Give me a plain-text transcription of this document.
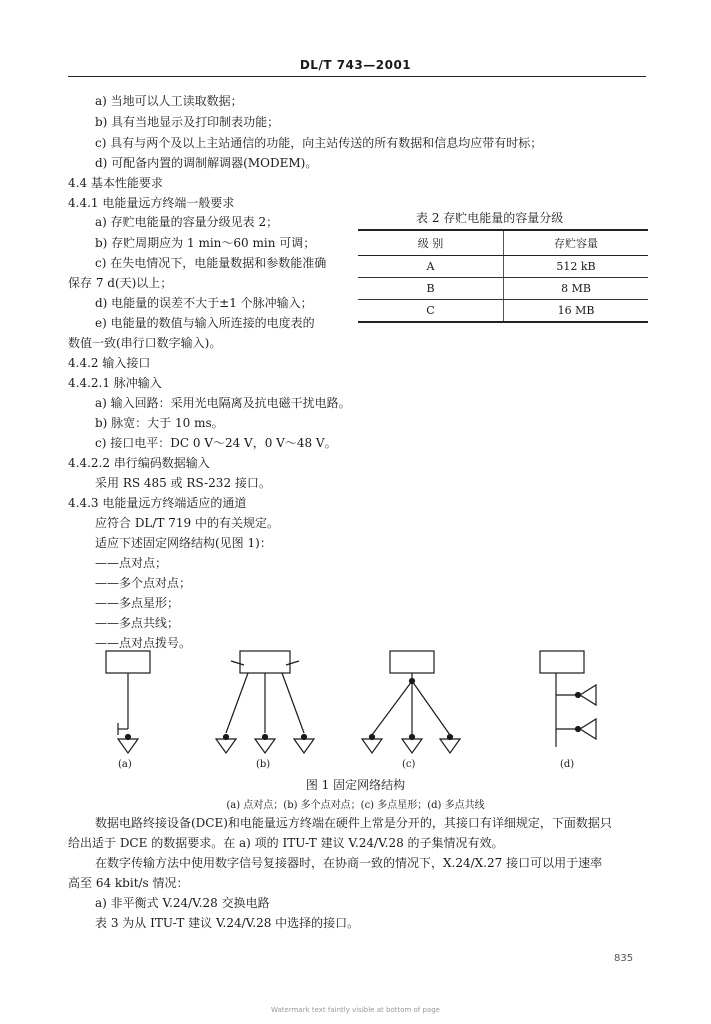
DL/T 743—2001
a) 当地可以人工读取数据；
b) 具有当地显示及打印制表功能；
c) 具有与两个及以上主站通信的功能，向主站传送的所有数据和信息均应带有时标；
d) 可配备内置的调制解调器(MODEM)。
4.4 基本性能要求
4.4.1 电能量远方终端一般要求
a) 存贮电能量的容量分级见表 2；
b) 存贮周期应为 1 min～60 min 可调；
c) 在失电情况下，电能量数据和参数能准确
保存 7 d(天)以上；
d) 电能量的误差不大于±1 个脉冲输入；
e) 电能量的数值与输入所连接的电度表的
数值一致(串行口数字输入)。
4.4.2 输入接口
4.4.2.1 脉冲输入
a) 输入回路：采用光电隔离及抗电磁干扰电路。
b) 脉宽：大于 10 ms。
c) 接口电平：DC 0 V～24 V，0 V～48 V。
4.4.2.2 串行编码数据输入
采用 RS 485 或 RS-232 接口。
4.4.3 电能量远方终端适应的通道
应符合 DL/T 719 中的有关规定。
适应下述固定网络结构(见图 1)：
——点对点；
——多个点对点；
——多点星形；
——多点共线；
——点对点拨号。
表 2 存贮电能量的容量分级
级 别	存贮容量
A	512 kB
B	8 MB
C	16 MB
(a)	(b)	(c)	(d)
图 1 固定网络结构
(a) 点对点；(b) 多个点对点；(c) 多点星形；(d) 多点共线
数据电路终接设备(DCE)和电能量远方终端在硬件上常是分开的，其接口有详细规定，下面数据只
给出适于 DCE 的数据要求。在 a) 项的 ITU-T 建议 V.24/V.28 的子集情况有效。
在数字传输方法中使用数字信号复接器时，在协商一致的情况下，X.24/X.27 接口可以用于速率
高至 64 kbit/s 情况：
a) 非平衡式 V.24/V.28 交换电路
表 3 为从 ITU-T 建议 V.24/V.28 中选择的接口。
835
Watermark text faintly visible at bottom of page
